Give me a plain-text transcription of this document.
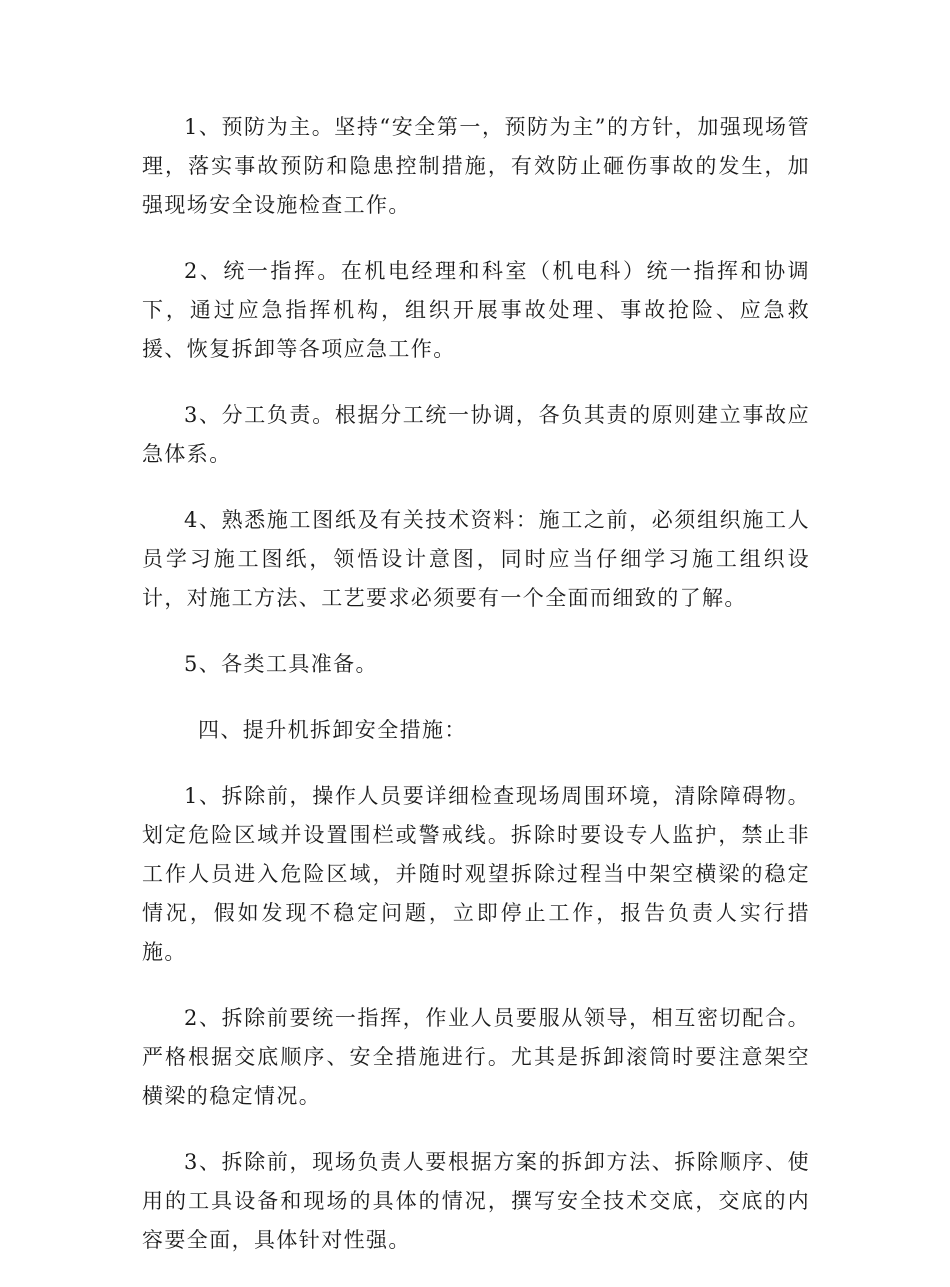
1、预防为主。坚持“安全第一，预防为主”的方针，加强现场管理，落实事故预防和隐患控制措施，有效防止砸伤事故的发生，加强现场安全设施检查工作。

2、统一指挥。在机电经理和科室（机电科）统一指挥和协调下，通过应急指挥机构，组织开展事故处理、事故抢险、应急救援、恢复拆卸等各项应急工作。

3、分工负责。根据分工统一协调，各负其责的原则建立事故应急体系。

4、熟悉施工图纸及有关技术资料：施工之前，必须组织施工人员学习施工图纸，领悟设计意图，同时应当仔细学习施工组织设计，对施工方法、工艺要求必须要有一个全面而细致的了解。

5、各类工具准备。

四、提升机拆卸安全措施：

1、拆除前，操作人员要详细检查现场周围环境，清除障碍物。划定危险区域并设置围栏或警戒线。拆除时要设专人监护，禁止非工作人员进入危险区域，并随时观望拆除过程当中架空横梁的稳定情况，假如发现不稳定问题，立即停止工作，报告负责人实行措施。

2、拆除前要统一指挥，作业人员要服从领导，相互密切配合。严格根据交底顺序、安全措施进行。尤其是拆卸滚筒时要注意架空横梁的稳定情况。

3、拆除前，现场负责人要根据方案的拆卸方法、拆除顺序、使用的工具设备和现场的具体的情况，撰写安全技术交底，交底的内容要全面，具体针对性强。
